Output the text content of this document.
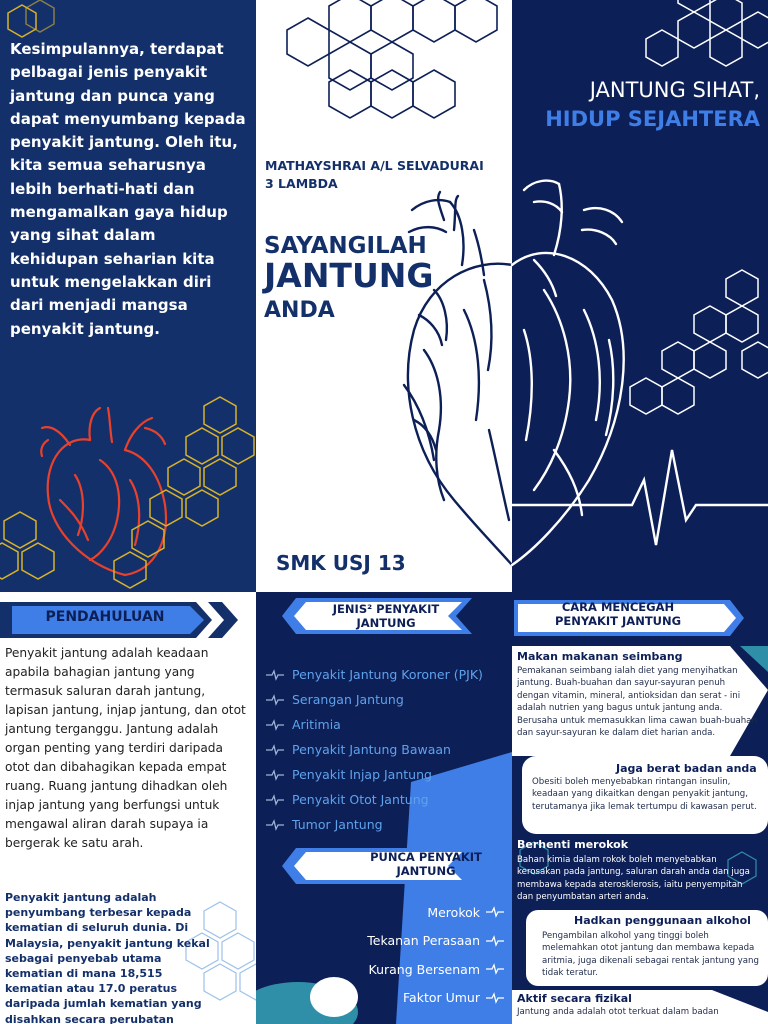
Kesimpulannya, terdapat pelbagai jenis penyakit jantung dan punca yang dapat menyumbang kepada penyakit jantung. Oleh itu, kita semua seharusnya lebih berhati-hati dan mengamalkan gaya hidup yang sihat dalam kehidupan seharian kita untuk mengelakkan diri dari menjadi mangsa penyakit jantung.
MATHAYSHRAI A/L SELVADURAI
3 LAMBDA
SAYANGILAH
JANTUNG
ANDA
SMK USJ 13
JANTUNG SIHAT,
HIDUP SEJAHTERA
PENDAHULUAN
Penyakit jantung adalah keadaan apabila bahagian jantung yang termasuk saluran darah jantung, lapisan jantung, injap jantung, dan otot jantung terganggu. Jantung adalah organ penting yang terdiri daripada otot dan dibahagikan kepada empat ruang. Ruang jantung dihadkan oleh injap jantung yang berfungsi untuk mengawal aliran darah supaya ia bergerak ke satu arah.
Penyakit jantung adalah penyumbang terbesar kepada kematian di seluruh dunia. Di Malaysia, penyakit jantung kekal sebagai penyebab utama kematian di mana 18,515 kematian atau 17.0 peratus daripada jumlah kematian yang disahkan secara perubatan
JENIS² PENYAKIT
JANTUNG
Penyakit Jantung Koroner (PJK)
Serangan Jantung
Aritimia
Penyakit Jantung Bawaan
Penyakit Injap Jantung
Penyakit Otot Jantung
Tumor Jantung
PUNCA PENYAKIT
JANTUNG
Merokok
Tekanan Perasaan
Kurang Bersenam
Faktor Umur
CARA MENCEGAH
PENYAKIT JANTUNG
Makan makanan seimbang
Pemakanan seimbang ialah diet yang menyihatkan jantung. Buah-buahan dan sayur-sayuran penuh dengan vitamin, mineral, antioksidan dan serat - ini adalah nutrien yang bagus untuk jantung anda. Berusaha untuk memasukkan lima cawan buah-buahan dan sayur-sayuran ke dalam diet harian anda.
Jaga berat badan anda
Obesiti boleh menyebabkan rintangan insulin, keadaan yang dikaitkan dengan penyakit jantung, terutamanya jika lemak tertumpu di kawasan perut.
Berhenti merokok
Bahan kimia dalam rokok boleh menyebabkan kerosakan pada jantung, saluran darah anda dan juga membawa kepada aterosklerosis, iaitu penyempitan dan penyumbatan arteri anda.
Hadkan penggunaan alkohol
Pengambilan alkohol yang tinggi boleh melemahkan otot jantung dan membawa kepada aritmia, juga dikenali sebagai rentak jantung yang tidak teratur.
Aktif secara fizikal
Jantung anda adalah otot terkuat dalam badan
